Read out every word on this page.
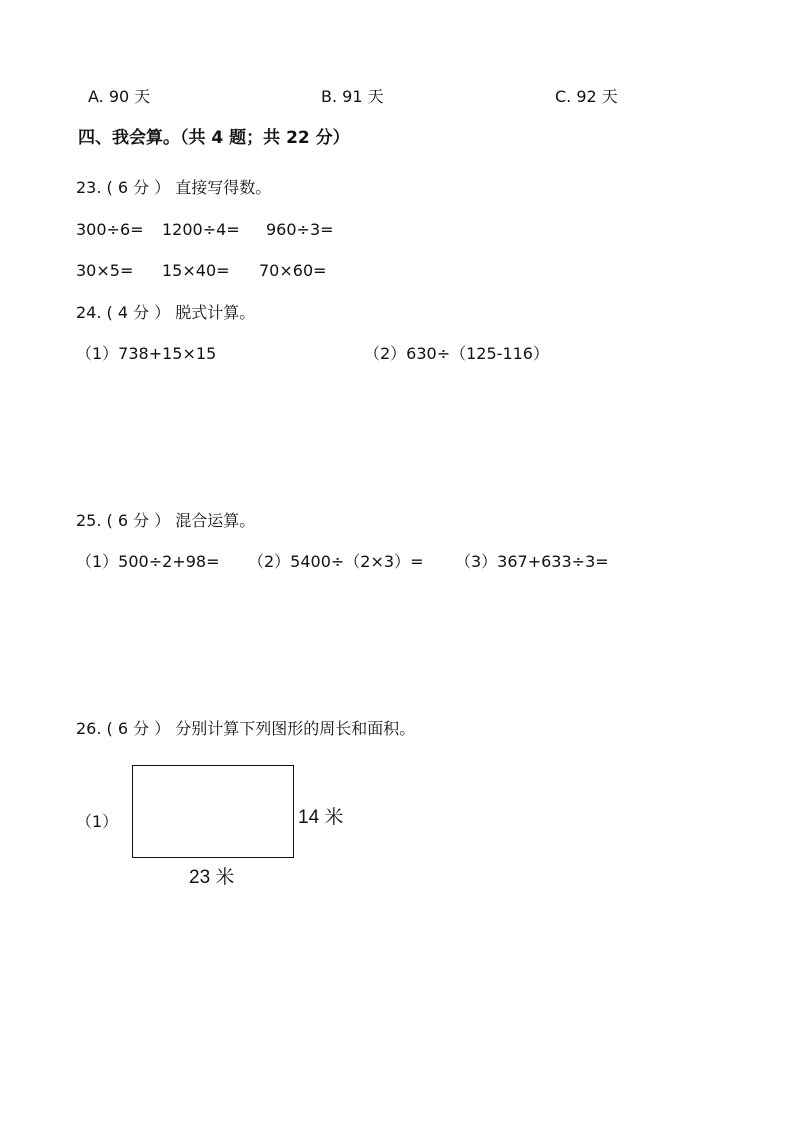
A. 90 天	B. 91 天	C. 92 天
四、我会算。（共 4 题；共 22 分）
23. ( 6 分 ） 直接写得数。
300÷6= 1200÷4= 960÷3=
30×5= 15×40= 70×60=
24. ( 4 分 ） 脱式计算。
（1）738+15×15	（2）630÷（125-116）
25. ( 6 分 ） 混合运算。
（1）500÷2+98= （2）5400÷（2×3）= （3）367+633÷3=
26. ( 6 分 ） 分别计算下列图形的周长和面积。
（1）	14 米
23 米
